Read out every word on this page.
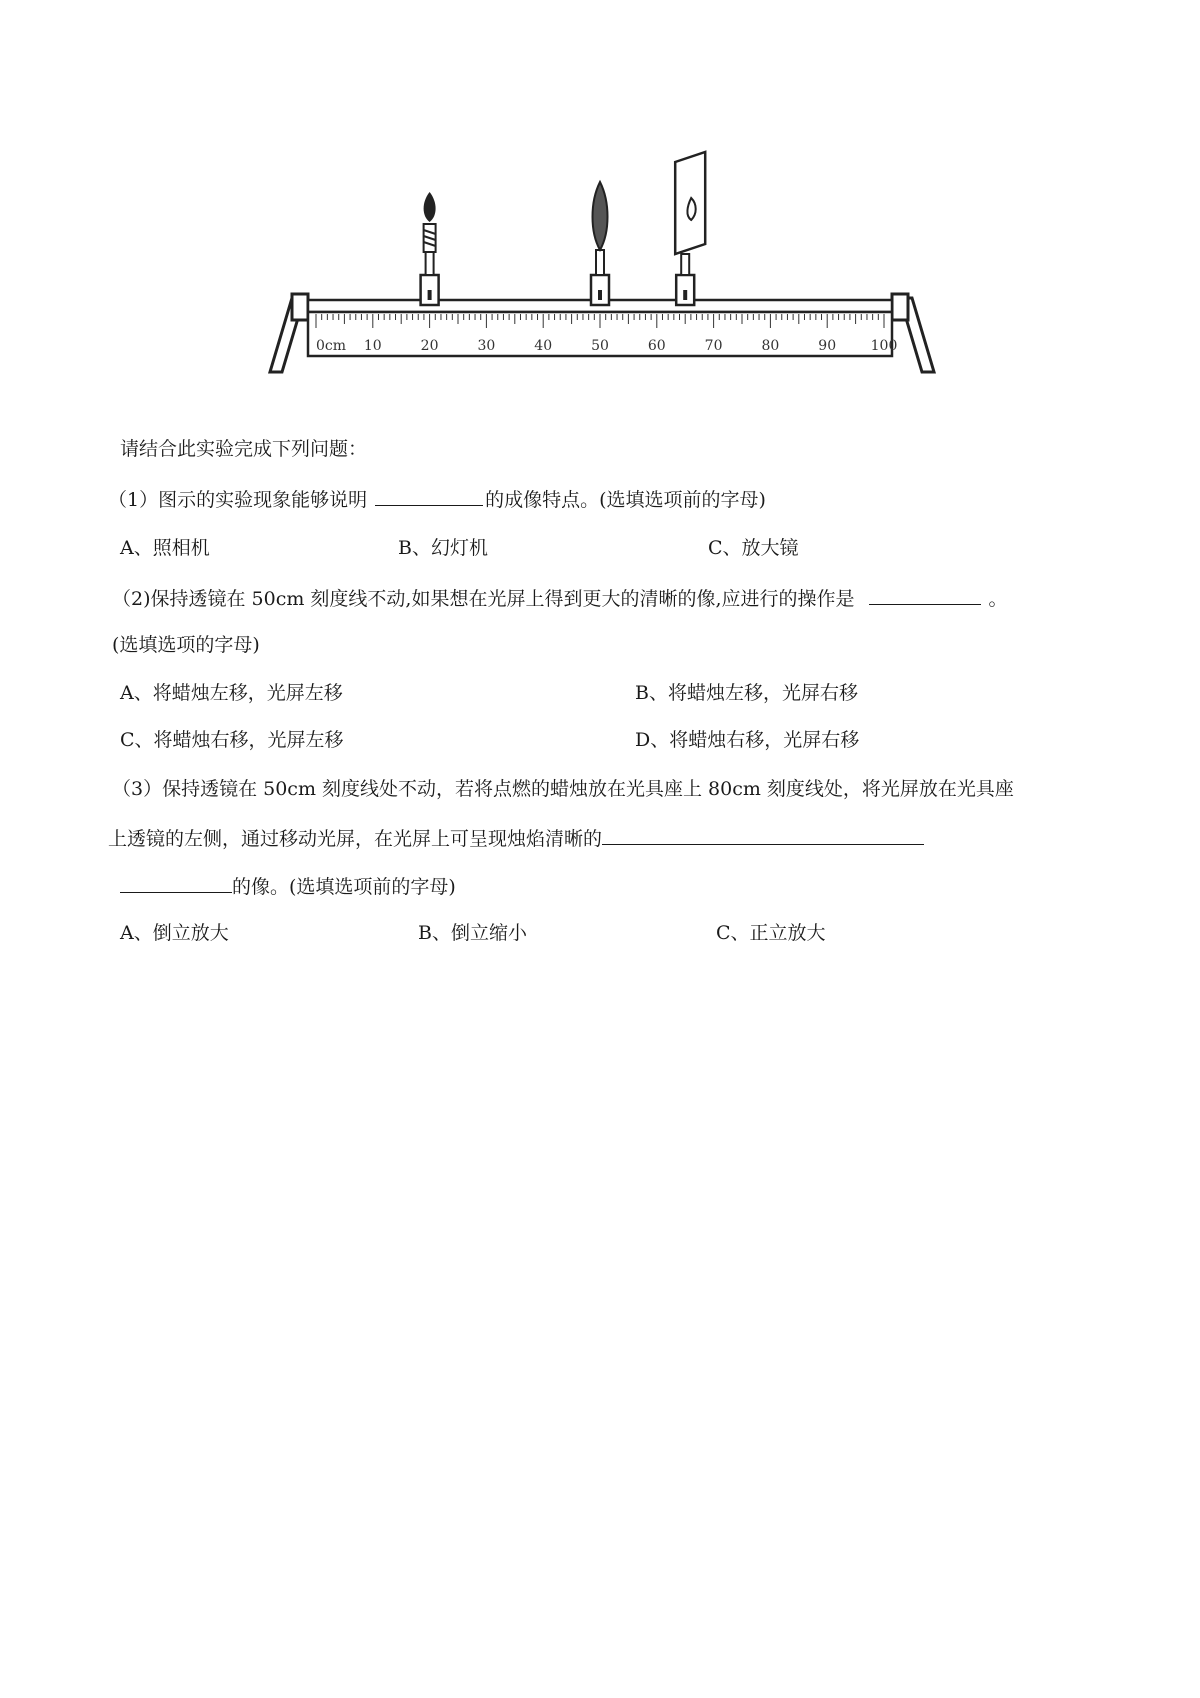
0cm 10	20	30	40	50	60	70	80	90 100
请结合此实验完成下列问题：
（1）图示的实验现象能够说明	的成像特点。(选填选项前的字母)
A、照相机	B、幻灯机	C、放大镜
（2)保持透镜在 50cm 刻度线不动,如果想在光屏上得到更大的清晰的像,应进行的操作是	。
(选填选项的字母)
A、将蜡烛左移，光屏左移	B、将蜡烛左移，光屏右移
C、将蜡烛右移，光屏左移	D、将蜡烛右移，光屏右移
（3）保持透镜在 50cm 刻度线处不动，若将点燃的蜡烛放在光具座上 80cm 刻度线处，将光屏放在光具座
上透镜的左侧，通过移动光屏，在光屏上可呈现烛焰清晰的
的像。(选填选项前的字母)
A、倒立放大	B、倒立缩小	C、正立放大
